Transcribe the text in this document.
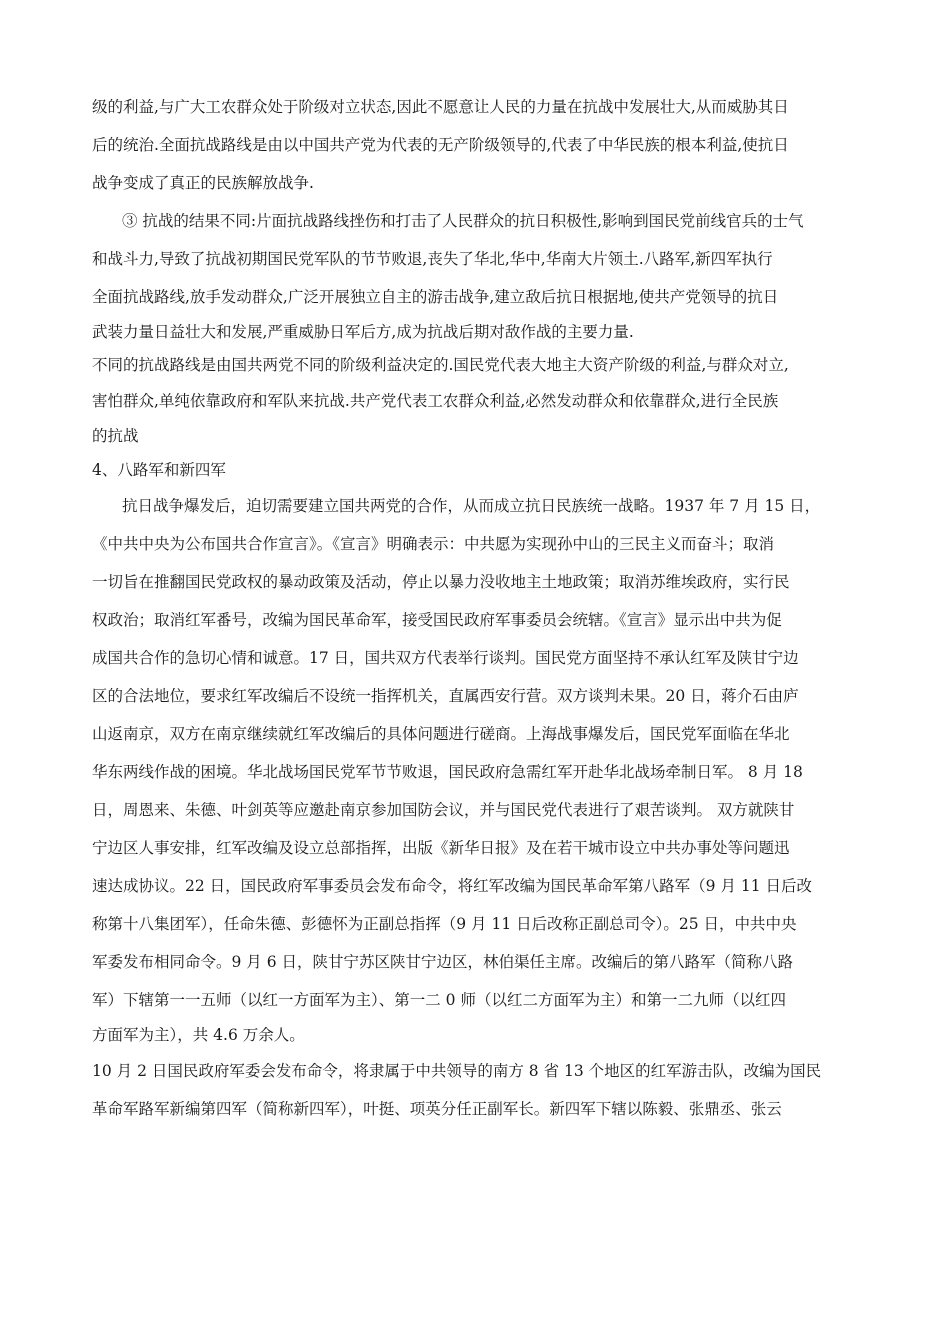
级的利益,与广大工农群众处于阶级对立状态,因此不愿意让人民的力量在抗战中发展壮大,从而威胁其日
后的统治.全面抗战路线是由以中国共产党为代表的无产阶级领导的,代表了中华民族的根本利益,使抗日
战争变成了真正的民族解放战争.
③ 抗战的结果不同:片面抗战路线挫伤和打击了人民群众的抗日积极性,影响到国民党前线官兵的士气
和战斗力,导致了抗战初期国民党军队的节节败退,丧失了华北,华中,华南大片领土.八路军,新四军执行
全面抗战路线,放手发动群众,广泛开展独立自主的游击战争,建立敌后抗日根据地,使共产党领导的抗日
武装力量日益壮大和发展,严重威胁日军后方,成为抗战后期对敌作战的主要力量.
不同的抗战路线是由国共两党不同的阶级利益决定的.国民党代表大地主大资产阶级的利益,与群众对立,
害怕群众,单纯依靠政府和军队来抗战.共产党代表工农群众利益,必然发动群众和依靠群众,进行全民族
的抗战
4、八路军和新四军
抗日战争爆发后，迫切需要建立国共两党的合作，从而成立抗日民族统一战略。1937 年 7 月 15 日，
《中共中央为公布国共合作宣言》。《宣言》明确表示：中共愿为实现孙中山的三民主义而奋斗；取消
一切旨在推翻国民党政权的暴动政策及活动，停止以暴力没收地主土地政策；取消苏维埃政府，实行民
权政治；取消红军番号，改编为国民革命军，接受国民政府军事委员会统辖。《宣言》显示出中共为促
成国共合作的急切心情和诚意。17 日，国共双方代表举行谈判。国民党方面坚持不承认红军及陕甘宁边
区的合法地位，要求红军改编后不设统一指挥机关，直属西安行营。双方谈判未果。20 日，蒋介石由庐
山返南京，双方在南京继续就红军改编后的具体问题进行磋商。上海战事爆发后，国民党军面临在华北
华东两线作战的困境。华北战场国民党军节节败退，国民政府急需红军开赴华北战场牵制日军。 8 月 18
日，周恩来、朱德、叶剑英等应邀赴南京参加国防会议，并与国民党代表进行了艰苦谈判。 双方就陕甘
宁边区人事安排，红军改编及设立总部指挥，出版《新华日报》及在若干城市设立中共办事处等问题迅
速达成协议。22 日，国民政府军事委员会发布命令，将红军改编为国民革命军第八路军（9 月 11 日后改
称第十八集团军），任命朱德、彭德怀为正副总指挥（9 月 11 日后改称正副总司令）。25 日，中共中央
军委发布相同命令。9 月 6 日，陕甘宁苏区陕甘宁边区，林伯渠任主席。改编后的第八路军（简称八路
军）下辖第一一五师（以红一方面军为主）、第一二 0 师（以红二方面军为主）和第一二九师（以红四
方面军为主），共 4.6 万余人。
10 月 2 日国民政府军委会发布命令，将隶属于中共领导的南方 8 省 13 个地区的红军游击队，改编为国民
革命军路军新编第四军（简称新四军），叶挺、项英分任正副军长。新四军下辖以陈毅、张鼎丞、张云
